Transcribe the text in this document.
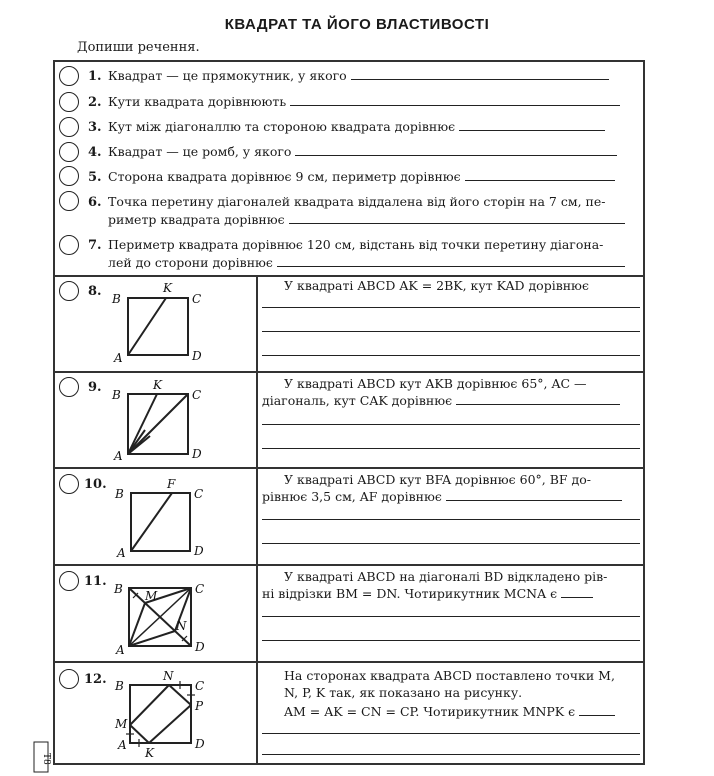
КВАДРАТ ТА ЙОГО ВЛАСТИВОСТІ
Допиши речення.
1. Квадрат — це прямокутник, у якого
2. Кути квадрата дорівнюють
3. Кут між діагоналлю та стороною квадрата дорівнює
4. Квадрат — це ромб, у якого
5. Сторона квадрата дорівнює 9 см, периметр дорівнює
6. Точка перетину діагоналей квадрата віддалена від його сторін на 7 см, пе-
риметр квадрата дорівнює
7. Периметр квадрата дорівнює 120 см, відстань від точки перетину діагона-
лей до сторони дорівнює
8. B	C
A	D
K	У квадраті ABCD AK = 2BK, кут KAD дорівнює
9. B	C
A	D
K	У квадраті ABCD кут AKB дорівнює 65°, AC —
діагональ, кут CAK дорівнює
10.
B	C
A	D
F	У квадраті ABCD кут BFA дорівнює 60°, BF до-
рівнює 3,5 см, AF дорівнює
11. B	C
A	D
M
N
У квадраті ABCD на діагоналі BD відкладено рів-
ні відрізки BM = DN. Чотирикутник MCNA є
12. B	C
A	D
N
P
M
K
На сторонах квадрата ABCD поставлено точки M,
N, P, K так, як показано на рисунку.
AM = AK = CN = CP. Чотирикутник MNPK є
Т8
